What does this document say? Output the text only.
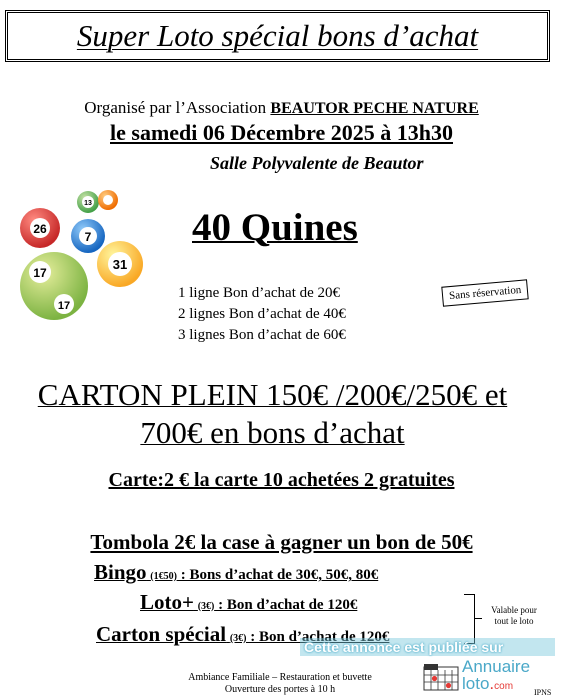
Super Loto spécial bons d’achat
Organisé par l’Association BEAUTOR PECHE NATURE
le samedi 06 Décembre 2025 à 13h30
Salle Polyvalente de Beautor
26
13
7
31
17
17
40 Quines
1 ligne Bon d’achat de 20€
2 lignes Bon d’achat de 40€
3 lignes Bon d’achat de 60€
Sans réservation
CARTON PLEIN 150€ /200€/250€ et
700€ en bons d’achat
Carte:2 € la carte 10 achetées 2 gratuites
Tombola 2€ la case à gagner un bon de 50€
Bingo (1€50) : Bons d’achat de 30€, 50€, 80€
Loto+ (3€) : Bon d’achat de 120€
Carton spécial (3€) : Bon d’achat de 120€
Valable pour tout le loto
Ambiance Familiale – Restauration et buvette
Ouverture des portes à 10 h
Cette annonce est publiée sur
Annuaire
loto.com
IPNS
